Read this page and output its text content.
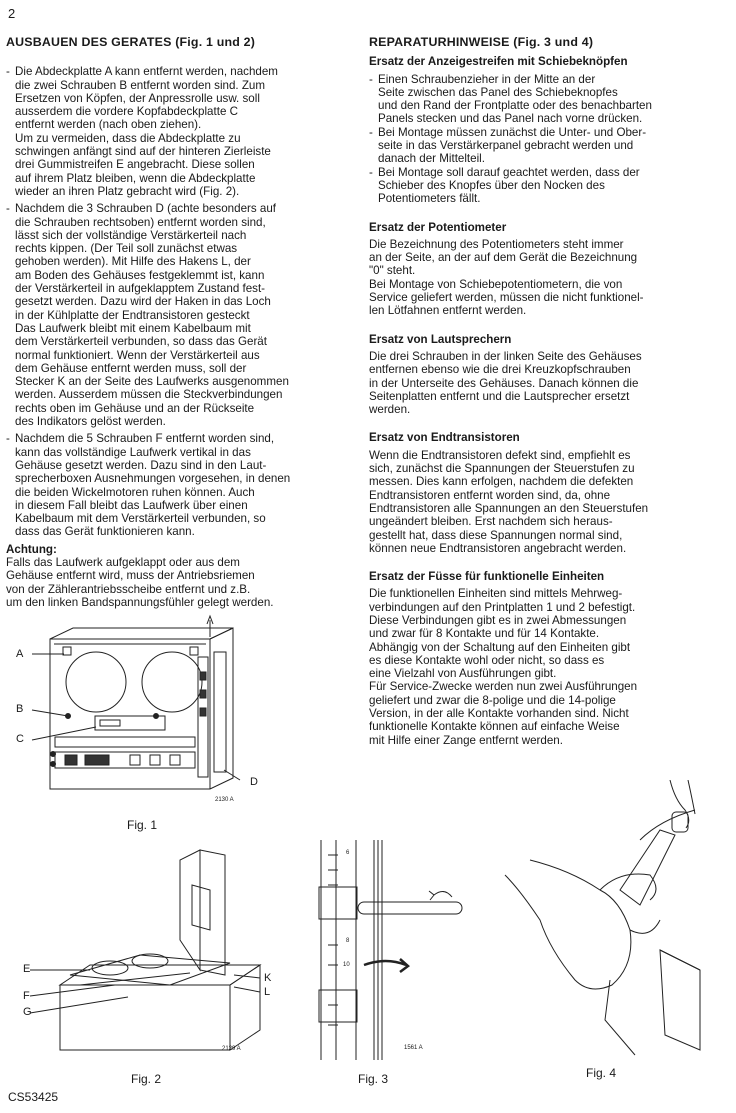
2
AUSBAUEN DES GERATES (Fig. 1 und 2)
- Die Abdeckplatte A kann entfernt werden, nachdem
die zwei Schrauben B entfernt worden sind. Zum
Ersetzen von Köpfen, der Anpressrolle usw. soll
ausserdem die vordere Kopfabdeckplatte C
entfernt werden (nach oben ziehen).
Um zu vermeiden, dass die Abdeckplatte zu
schwingen anfängt sind auf der hinteren Zierleiste
drei Gummistreifen E angebracht. Diese sollen
auf ihrem Platz bleiben, wenn die Abdeckplatte
wieder an ihren Platz gebracht wird (Fig. 2).
- Nachdem die 3 Schrauben D (achte besonders auf
die Schrauben rechtsoben) entfernt worden sind,
lässt sich der vollständige Verstärkerteil nach
rechts kippen. (Der Teil soll zunächst etwas
gehoben werden). Mit Hilfe des Hakens L, der
am Boden des Gehäuses festgeklemmt ist, kann
der Verstärkerteil in aufgeklapptem Zustand fest-
gesetzt werden. Dazu wird der Haken in das Loch
in der Kühlplatte der Endtransistoren gesteckt
Das Laufwerk bleibt mit einem Kabelbaum mit
dem Verstärkerteil verbunden, so dass das Gerät
normal funktioniert. Wenn der Verstärkerteil aus
dem Gehäuse entfernt werden muss, soll der
Stecker K an der Seite des Laufwerks ausgenommen
werden. Ausserdem müssen die Steckverbindungen
rechts oben im Gehäuse und an der Rückseite
des Indikators gelöst werden.
- Nachdem die 5 Schrauben F entfernt worden sind,
kann das vollständige Laufwerk vertikal in das
Gehäuse gesetzt werden. Dazu sind in den Laut-
sprecherboxen Ausnehmungen vorgesehen, in denen
die beiden Wickelmotoren ruhen können. Auch
in diesem Fall bleibt das Laufwerk über einen
Kabelbaum mit dem Verstärkerteil verbunden, so
dass das Gerät funktionieren kann.
Achtung:

Falls das Laufwerk aufgeklappt oder aus dem
Gehäuse entfernt wird, muss der Antriebsriemen
von der Zählerantriebsscheibe entfernt und z.B.
um den linken Bandspannungsfühler gelegt werden.

REPARATURHINWEISE (Fig. 3 und 4)
Ersatz der Anzeigestreifen mit Schiebeknöpfen
- Einen Schraubenzieher in der Mitte an der
Seite zwischen das Panel des Schiebeknopfes
und den Rand der Frontplatte oder des benachbarten
Panels stecken und das Panel nach vorne drücken.
- Bei Montage müssen zunächst die Unter- und Ober-
seite in das Verstärkerpanel gebracht werden und
danach der Mittelteil.
- Bei Montage soll darauf geachtet werden, dass der
Schieber des Knopfes über den Nocken des
Potentiometers fällt.
Ersatz der Potentiometer

Die Bezeichnung des Potentiometers steht immer
an der Seite, an der auf dem Gerät die Bezeichnung
"0" steht.
Bei Montage von Schiebepotentiometern, die von
Service geliefert werden, müssen die nicht funktionel-
len Lötfahnen entfernt werden.

Ersatz von Lautsprechern

Die drei Schrauben in der linken Seite des Gehäuses
entfernen ebenso wie die drei Kreuzkopfschrauben
in der Unterseite des Gehäuses. Danach können die
Seitenplatten entfernt und die Lautsprecher ersetzt
werden.

Ersatz von Endtransistoren

Wenn die Endtransistoren defekt sind, empfiehlt es
sich, zunächst die Spannungen der Steuerstufen zu
messen. Dies kann erfolgen, nachdem die defekten
Endtransistoren entfernt worden sind, da, ohne
Endtransistoren alle Spannungen an den Steuerstufen
ungeändert bleiben. Erst nachdem sich heraus-
gestellt hat, dass diese Spannungen normal sind,
können neue Endtransistoren angebracht werden.

Ersatz der Füsse für funktionelle Einheiten

Die funktionellen Einheiten sind mittels Mehrweg-
verbindungen auf den Printplatten 1 und 2 befestigt.
Diese Verbindungen gibt es in zwei Abmessungen
und zwar für 8 Kontakte und für 14 Kontakte.
Abhängig von der Schaltung auf den Einheiten gibt
es diese Kontakte wohl oder nicht, so dass es
eine Vielzahl von Ausführungen gibt.
Für Service-Zwecke werden nun zwei Ausführungen
geliefert und zwar die 8-polige und die 14-polige
Version, in der alle Kontakte vorhanden sind. Nicht
funktionelle Kontakte können auf einfache Weise
mit Hilfe einer Zange entfernt werden.

A
B
C
D
2130 A
Fig. 1
E
F
G
K
L
2129 A
Fig. 2
6
8
10
1561 A
Fig. 3	Fig. 4
CS53425
